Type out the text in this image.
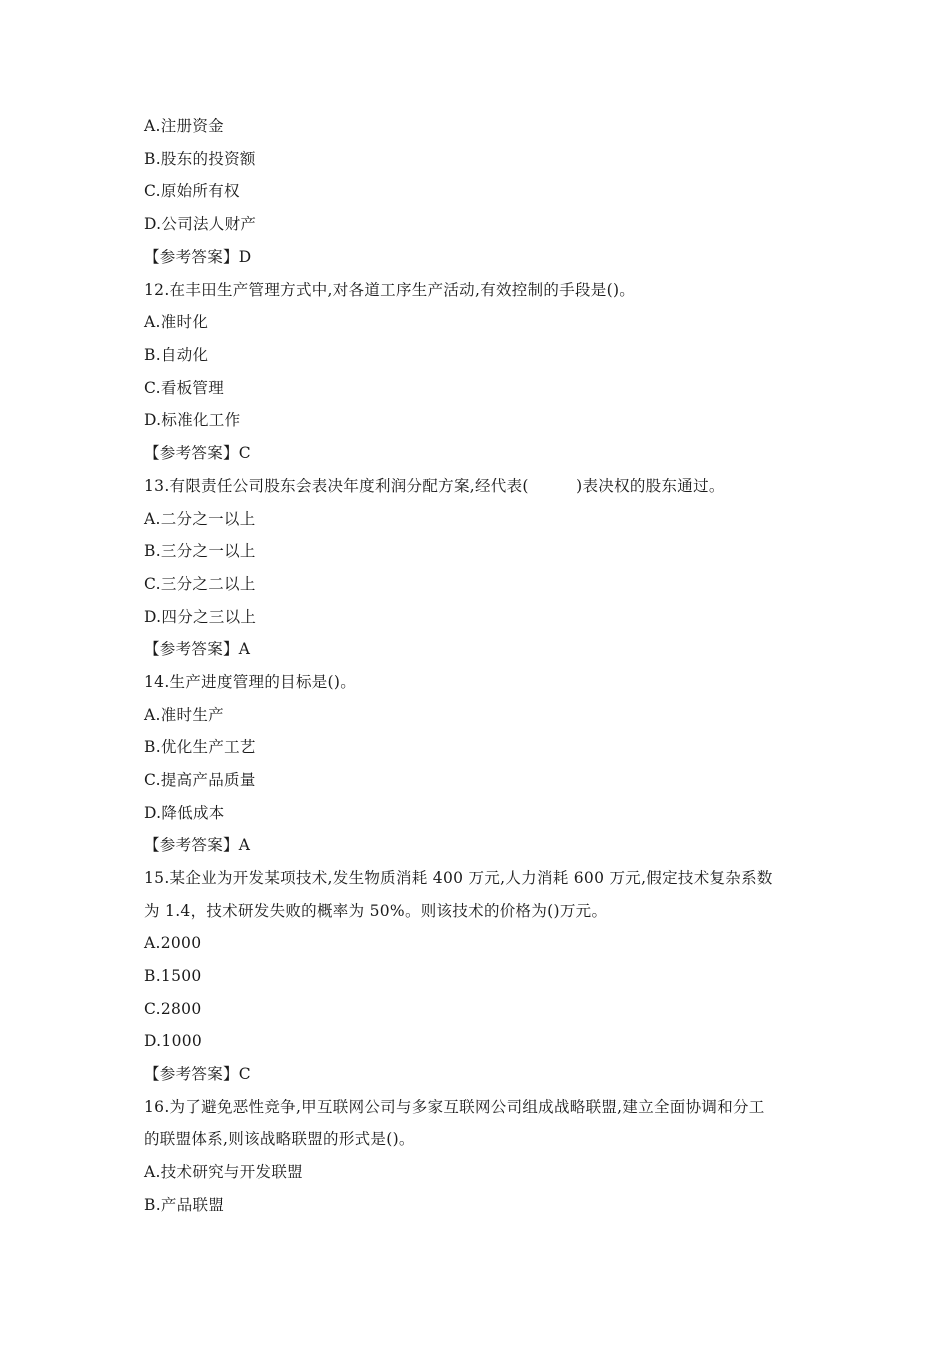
A.注册资金
B.股东的投资额
C.原始所有权
D.公司法人财产
【参考答案】D
12.在丰田生产管理方式中,对各道工序生产活动,有效控制的手段是()。
A.准时化
B.自动化
C.看板管理
D.标准化工作
【参考答案】C
13.有限责任公司股东会表决年度利润分配方案,经代表(　　　)表决权的股东通过。
A.二分之一以上
B.三分之一以上
C.三分之二以上
D.四分之三以上
【参考答案】A
14.生产进度管理的目标是()。
A.准时生产
B.优化生产工艺
C.提高产品质量
D.降低成本
【参考答案】A
15.某企业为开发某项技术,发生物质消耗 400 万元,人力消耗 600 万元,假定技术复杂系数
为 1.4，技术研发失败的概率为 50%。则该技术的价格为()万元。
A.2000
B.1500
C.2800
D.1000
【参考答案】C
16.为了避免恶性竞争,甲互联网公司与多家互联网公司组成战略联盟,建立全面协调和分工
的联盟体系,则该战略联盟的形式是()。
A.技术研究与开发联盟
B.产品联盟
